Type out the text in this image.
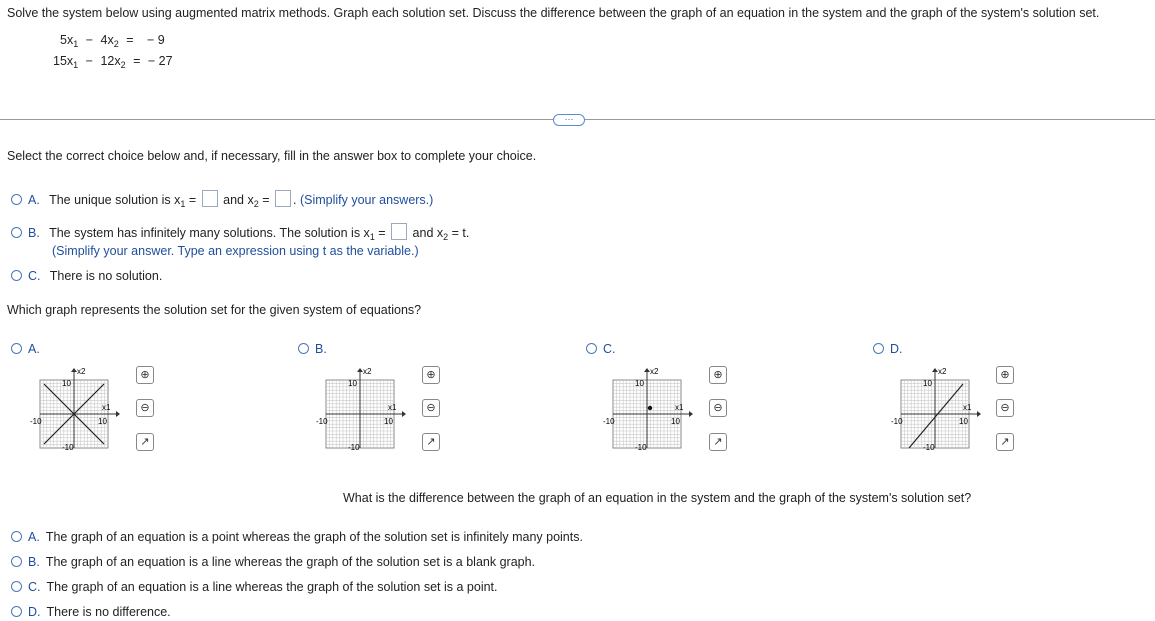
Solve the system below using augmented matrix methods. Graph each solution set. Discuss the difference between the graph of an equation in the system and the graph of the system's solution set.
$5x_1 - 4x_2$ = − 9
$15x_1 - 12x_2$ = − 27
⋯
Select the correct choice below and, if necessary, fill in the answer box to complete your choice.
A. The unique solution is $x_1$ =  and $x_2$ = . (Simplify your answers.)
B. The system has infinitely many solutions. The solution is $x_1$ =  and $x_2 = t$.
(Simplify your answer. Type an expression using t as the variable.)
C. There is no solution.
Which graph represents the solution set for the given system of equations?
A.
x2
x1
10
-10	10
-10
⊕
⊖
↗
B.
x2
x1
10
-10	10
-10
⊕
⊖
↗
C.
x2
x1
10
-10	10
-10
⊕
⊖
↗
D.
x2
x1
10
-10	10
-10
⊕
⊖
↗
What is the difference between the graph of an equation in the system and the graph of the system's solution set?
A. The graph of an equation is a point whereas the graph of the solution set is infinitely many points.
B. The graph of an equation is a line whereas the graph of the solution set is a blank graph.
C. The graph of an equation is a line whereas the graph of the solution set is a point.
D. There is no difference.
